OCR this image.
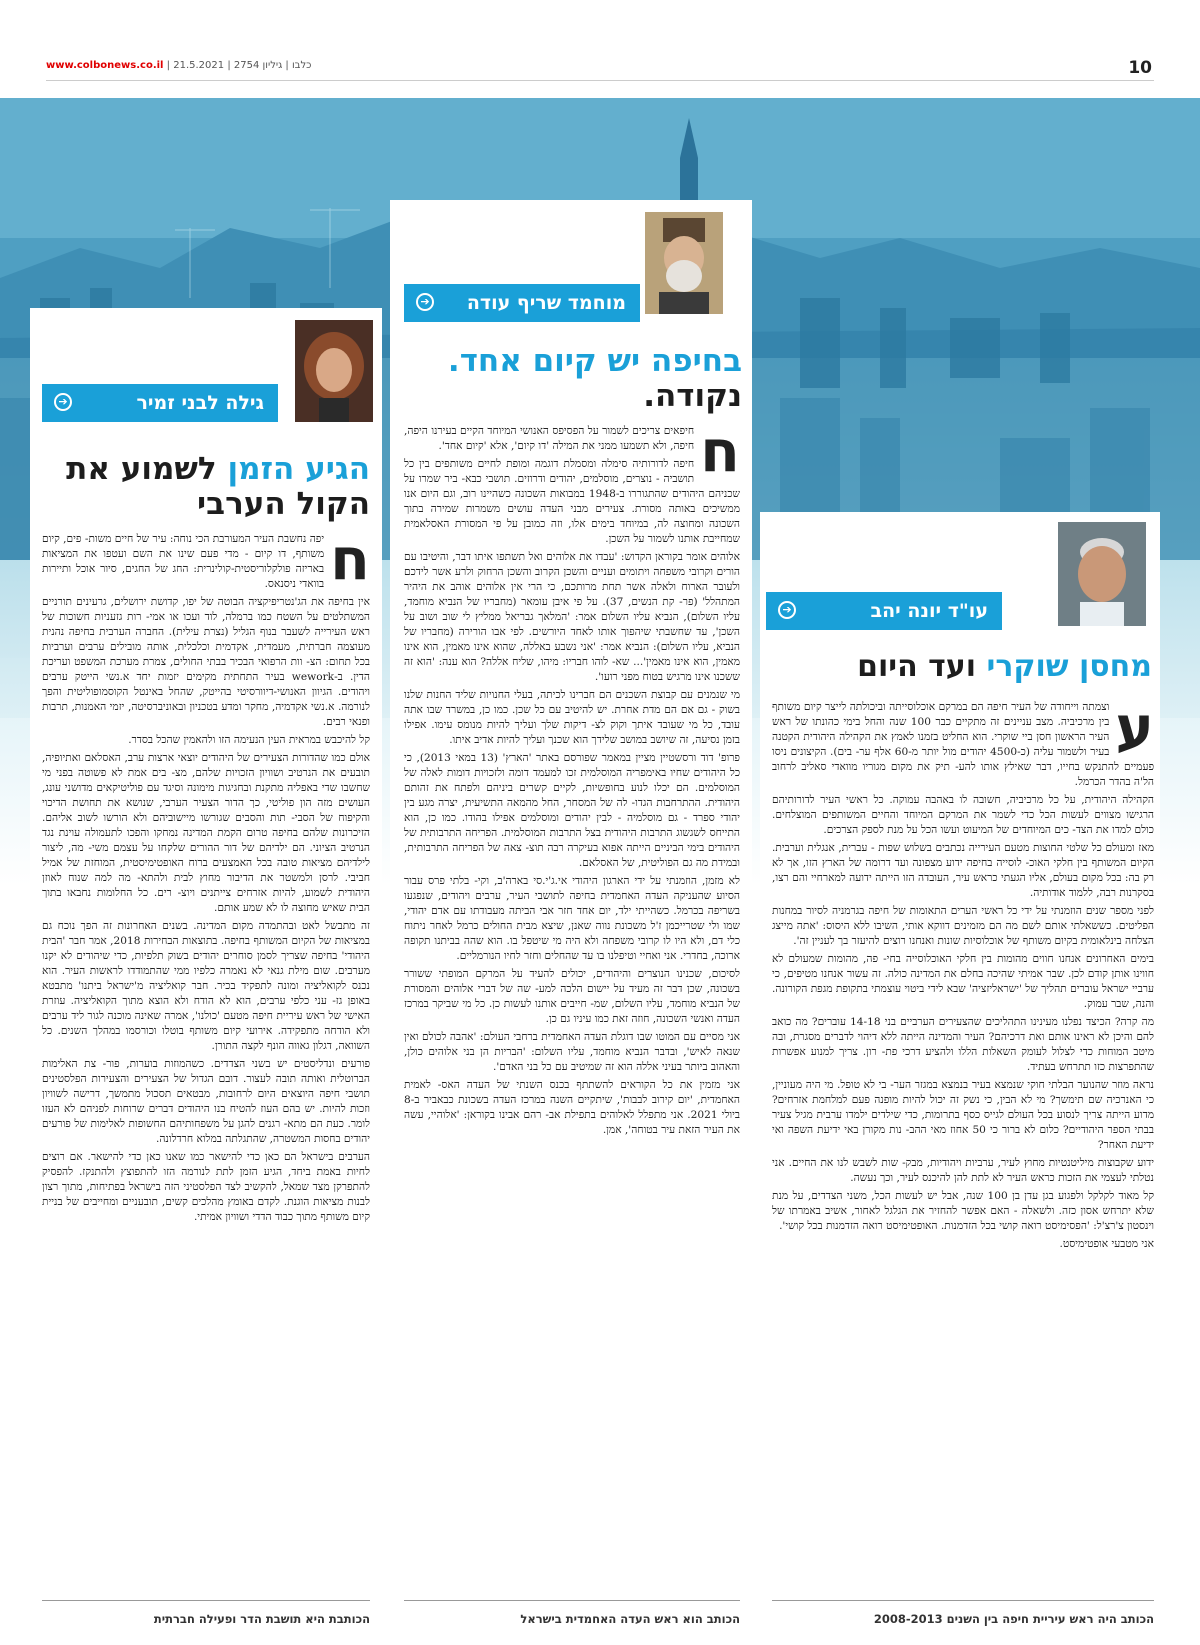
www.colbonews.co.il | כלבו | גיליון 2754 | 21.5.2021	10
➔	גילה לבני זמיר
הגיע הזמן לשמוע את הקול הערבי
ח

יפה נחשבת העיר המעורבת הכי נוחה: עיר של חיים משות- פים, קיום משותף, דו קיום - מדי פעם שינו את השם ועטפו את המציאות באריזה פולקלוריסטית-קולינרית: החג של החגים, סיור אוכל ותיירות בוואדי ניסנאס.

אין בחיפה את הג'נטריפיקציה הבוטה של יפו, קדושת ירושלים, גרעינים תורניים המשתלטים על השטח כמו ברמלה, לוד ועכו או אמי- רות גזעניות חשוכות של ראש העירייה לשעבר בנוף הגליל (נצרת עילית). החברה הערבית בחיפה נהנית מעוצמה חברתית, מעמדית, אקדמית וכלכלית, אותה מובילים ערבים וערביות בכל תחום: הצ- וות הרפואי הבכיר בבתי החולים, צמרת מערכת המשפט ועריכת הדין. ב-wework בעיר התחתית מקימים יזמות יחד א.נשי הייטק ערבים ויהודים. הגיוון האנושי-דיוורסיטי בהייטק, שהחל באינטל הקוסמופוליטית והפך לנורמה. א.נשי אקדמיה, מחקר ומדע בטכניון ובאוניברסיטה, יזמי האמנות, תרבות ופנאי רבים.

קל להיכבש במראית העין הנעימה הזו ולהאמין שהכל בסדר.

אולם כמו שהדורות הצעירים של היהודים יוצאי ארצות ערב, האסלאם ואתיופיה, תובעים את הנרטיב ושוויון הזכויות שלהם, מצ- בים אמת לא פשוטה בפני מי שחשבו שדי באפליה מתקנת ובחגיגות מימונה וסיגד עם פוליטיקאים מדושני עונג, העושים מזה הון פוליטי, כך הדור הצעיר הערבי, שנושא את תחושת הדיכוי והקיפוח של הסבי- תות והסבים שגורשו מיישוביהם ולא הורשו לשוב אליהם. הזיכרונות שלהם בחיפה טרום הקמת המדינה נמחקו והפכו לתעמולה עוינת נגד הנרטיב הציוני. הם ילדיהם של דור ההורים שלקחו על עצמם משי- מה, ליצור לילדיהם מציאות טובה בכל האמצעים ברוח האופטימיסטית, המוחזת של אמיל חביבי. לרסן ולמשטר את הדיבור מחוץ לבית ולהתא- מה למה שנוח לאוזן היהודית לשמוע, להיות אזרחים צייתנים ויוצ- רים. כל החלומות נחבאו בתוך הבית שאיש מחוצה לו לא שמע אותם.

זה מתבשל לאט ובהתמדה מקום המדינה. בשנים האחרונות זה הפך נוכח גם במציאות של הקיום המשותף בחיפה. בתוצאות הבחירות 2018, אמר חבר 'הבית היהודי' בחיפה שצריך לסמן סוחרים יהודים בשוק תלפיות, כדי שיהודים לא יקנו מערבים. שום מילת גנאי לא נאמרה כלפיו ממי שהתמודדו לראשות העיר. הוא נכנס לקואליציה ומונה לתפקיד בכיר. חבר קואליציה מ'ישראל ביתנו' מתבטא באופן גז- עני כלפי ערבים, הוא לא הודח ולא הוצא מתוך הקואליציה. עוזרת האישי של ראש עיריית חיפה מטעם 'כולנו', אמרה שאינה מוכנה לגור ליד ערבים ולא הודחה מתפקידה. אירועי קיום משותף בוטלו וכורסמו במהלך השנים. כל השוואה, דגלון גאווה הונף לקצה התורן.

פורעים ונדליסטים יש בשני הצדדים. כשהמוזות בוערות, פור- צת האלימות הברוטלית ואותה תובה לעצור. דובם הגדול של הצעירים והצעירות הפלסטינים תושבי חיפה היוצאים היום לרחובות, מבטאים תסכול מתמשך, דרישה לשוויון וזכות להיות. יש בהם העוז להטיח בנו היהודים דברים שרוחות לפניהם לא העזו לומר. כעת הם מתא- רגנים להגן על משפחותיהם החשופות לאלימות של פורעים יהודים בחסות המשטרה, שהתגלתה במלוא חרדלונה.

הערבים בישראל הם כאן כדי להישאר כמו שאנו כאן כדי להישאר. אם רוצים לחיות באמת ביחד, הגיע הזמן לתת לנורמה הזו להתפוצץ ולהתנקז. להפסיק להתפרקן מצד שמאל, להקשיב לצד הפלסטיני הזה בישראל בפתיחות, מתוך רצון לבנות מציאות הוגנת. לקדם באומץ מהלכים קשים, תובעניים ומחייבים של בניית קיום משותף מתוך כבוד הדדי ושוויון אמיתי.

➔ מוחמד שריף עודה
בחיפה יש קיום אחד.
נקודה.
ח

חיפאים צריכים לשמור על הפסיפס האנושי המיוחד הקיים בעירנו היפה, חיפה, ולא תשמעו ממני את המילה 'דו קיום', אלא 'קיום אחד'.

חיפה לדורותיה סימלה ומסמלת דוגמה ומופת לחיים משותפים בין כל תושביה - נוצרים, מוסלמים, יהודים ודרוזים. תושבי כבא- ביר שמרו על שכניהם היהודים שהתגוררו ב-1948 במבואות השכונה כשהיינו רוב, וגם היום אנו ממשיכים באותה מסורת. צעירים מבני העדה עושים משמרות שמירה בתוך השכונה ומחוצה לה, במיוחד בימים אלו, וזה כמובן על פי המסורת האסלאמית שמחייבת אותנו לשמור על השכן.

אלוהים אומר בקוראן הקדוש: 'עבדו את אלוהים ואל תשתפו איתו דבר, והיטיבו עם הורים וקרובי משפחה ויתומים ועניים והשכן הקרוב והשכן הרחוק ולרע אשר לידכם ולעובר הארוח ולאלה אשר תחת מרותכם, כי הרי אין אלוהים אוהב את היהיר המתהלל' (פר- קת הנשים, 37). על פי איבן עומאר (מחבריו של הנביא מוחמד, עליו השלום), הנביא עליו השלום אמר: 'המלאך גבריאל ממליץ לי שוב ושוב על השכן', עד שחשבתי שיהפוך אותו לאחד היורשים. לפי אבו הורירה (מחבריו של הנביא, עליו השלום): הנביא אמר: 'אני נשבע באללה, שהוא אינו מאמין, הוא אינו מאמין, הוא אינו מאמין'... שא- לוהו חבריו: מיהו, שליח אללה? הוא ענה: 'הוא זה ששכנו אינו מרגיש בטוח מפני רועו'.

מי שנמנים עם קבוצת השכנים הם חברינו לכיתה, בעלי החנויות שליד החנות שלנו בשוק - גם אם הם מדת אחרת. יש להיטיב עם כל שכן. כמו כן, במשרד שבו אתה עובד, כל מי שעובד איתך וקוק לצ- דיקות שלך ועליך להיות מנומס עימו. אפילו בזמן נסיעה, זה שיושב במושב שלידך הוא שכנך ועליך להיות אדיב איתו.

פרופ' דוד ורסשטיין מציין במאמר שפורסם באתר 'הארץ' (13 במאי 2013), כי כל היהודים שחיו באימפריה המוסלמית זכו למעמד דומה ולזכויות דומות לאלה של המוסלמים. הם יכלו לנוע בחופשיות, לקיים קשרים ביניהם ולפתח את זהותם היהודית. ההתרחבות הגדו- לה של המסחר, החל מהמאה התשיעית, יצרה מגע בין יהודי ספרד - גם מוסלמיה - לבין יהודים ומוסלמים אפילו בהודו. כמו כן, הוא התייחס לשגשוג התרבות היהודית בצל התרבות המוסלמית. הפריחה התרבותית של היהודים בימי הביניים הייתה אפוא בעיקרה רבה תוצ- צאה של הפריחה התרבותית, ובמידת מה גם הפוליטית, של האסלאם.

לא מזמן, הוזמנתי על ידי הארגון היהודי אי.ג'י.סי בארה'ב, וקי- בלתי פרס עבור הסיוע שהעניקה העדה האחמדית בחיפה לתושבי העיר, ערבים ויהודים, שנפגעו בשריפה בכרמל. כשהייתי ילד, יום אחד חזר אבי הביתה מעבודתו עם אדם יהודי, שמו ולי שטרייכמן ז'ל משכונת נווה שאנן, שיצא מבית החולים כרמל לאחר ניתוח כלי דם, ולא היו לו קרובי משפחה ולא היה מי שיטפל בו. הוא שהה בביתנו תקופה ארוכה, בחדרי. אני ואחיי וטיפלנו בו עד שהחלים וחזר לחיו הנורמליים.

לסיכום, שכנינו הנוצרים והיהודים, יכולים להעיד על המרקם המופתי ששורר בשכונה, שכן דבר זה מעיד על יישום הלכה למע- שה של דברי אלוהים והמסורת של הנביא מוחמד, עליו השלום, שמ- חייבים אותנו לעשות כן. כל מי שביקר במרכז העדה ואנשי השכונה, חוזה זאת כמו עיניו גם כן.

אני מסיים עם המוטו שבו דוגלת העדה האחמדית ברחבי העולם: 'אהבה לכולם ואין שנאה לאיש', ובדבר הנביא מוחמד, עליו השלום: 'הבריות הן בני אלוהים כולן, והאהוב ביותר בעיני אללה הוא זה שמיטיב עם כל בני האדם'.

אני מזמין את כל הקוראים להשתתף בכנס השנתי של העדה האס- לאמית האחמדית, 'יום קירוב לבבות', שיתקיים השנה במרכז העדה בשכונת כבאביר ב-8 ביולי 2021. אני מתפלל לאלוהים בתפילת אב- רהם אבינו בקוראן: 'אלוהיי, עשה את העיר הזאת עיר בטוחה', אמן.

➔	עו"ד יונה יהב
מחסן שוקרי ועד היום
ע

וצמתה וייחודה של העיר חיפה הם במרקם אוכלוסייתה וביכולתה לייצר קיום משותף בין מרכיביה. מצב עניינים זה מתקיים כבר 100 שנה והחל בימי כהונתו של ראש העיר הראשון חסן ביי שוקרי. הוא החליט בזמנו לאמץ את הקהילה היהודית הקטנה בעיר ולשמור עליה (כ-4500 יהודים מול יותר מ-60 אלף ער- בים). הקיצונים ניסו פעמיים להתנקש בחייו, דבר שאילץ אותו להע- תיק את מקום מגוריו מוואדי סאליב לרחוב הל'ה בהדר הכרמל.

הקהילה היהודית, על כל מרכיביה, חשובה לו באהבה עמוקה. כל ראשי העיר לדורותיהם הרגישו מצווים לעשות הכל כדי לשמר את המרקם המיוחד והחיים המשותפים המוצלחים. כולם למדו את הצד- כים המיוחדים של המיעוט ועשו הכל על מנת לספק הצרכים.

מאז ומעולם כל שלטי החוצות מטעם העירייה נכתבים בשלוש שפות - עברית, אנגלית וערבית. הקיום המשותף בין חלקי האוכ- לוסייה בחיפה ידוע מצפונה ועד דרומה של הארץ הזו, אך לא רק בה: בכל מקום בעולם, אליו הגעתי כראש עיר, העובדה הזו הייתה ידועה למארחיי והם רצו, בסקרנות רבה, ללמוד אודותיה.

לפני מספר שנים הוזמנתי על ידי כל ראשי הערים התאומות של חיפה בגרמניה לסיור במחנות הפליטים. כששאלתי אותם לשם מה הם מזמינים דווקא אותי, השיבו ללא היסוס: 'אתה מייצג הצלחה בינלאומית בקיום משותף של אוכלוסיות שונות ואנחנו רוצים להיעזר בך לעניין זה'.

בימים האחרונים אנחנו חווים מהומות בין חלקי האוכלוסייה בחי- פה, מהומות שמעולם לא חווינו אותן קודם לכן. שבר אמיתי שהיכה בחלם את המדינה כולה. זה עשור אנחנו מטיפים, כי ערביי ישראל עוברים תהליך של 'ישראליזציה' שבא לידי ביטוי עוצמתי בתקופת מגפת הקורונה. והנה, שבר עמוק.

מה קרה? הכיצד נפלנו מעינינו התהליכים שהצעירים הערביים בני 14-18 עוברים? מה כואב להם והיכן לא ראינו אותם ואת דרכיהם? העיר והמדינה הייתה ללא דיהוי לדברים מסגרת, ובה מיטב המוחות כדי לצלול לעומק השאלות הללו ולהציע דרכי פת- רון. צריך למנוע אפשרות שהתפרצות כזו תתרחש בעתיד.

נראה מוזר שהנוער הבלתי חוקי שנמצא בעיר בנמצא במגזר הער- בי לא טופל. מי היה מעוניין, כי האנרכיה שם תימשך? מי לא הבין, כי נשק זה יכול להיות מופנה פעם למלחמת אזרחים? מדוע הייתה צריך לנסוע בכל העולם לגייס כסף בתרומות, כדי שילדים ילמדו ערבית מגיל צעיר בבתי הספר היהודיים? כלום לא ברור כי 50 אחוז מאי ההב- נות מקורן באי ידיעת השפה ואי ידיעת האחר?

ידוע שקבוצות מיליטנטיות מחוץ לעיר, ערביות ויהודיות, מבק- שות לשבש לנו את החיים. אני נטלתי לעצמי את הזכות כראש העיר לא לתת להן להיכנס לעיר, וכך נעשה.

קל מאוד לקלקל ולפגוע בגן עדן בן 100 שנה, אבל יש לעשות הכל, משני הצדדים, על מנת שלא יתרחש אסון כזה. ולשאלה - האם אפשר להחזיר את הגלגל לאחור, אשיב באמרתו של וינסטון צ'רצ'ל: 'הפסימיסט רואה קושי בכל הזדמנות. האופטימיסט רואה הזדמנות בכל קושי'.

אני מטבעי אופטימיסט.

הכותבת היא תושבת הדר ופעילה חברתית	הכותב הוא ראש העדה האחמדית בישראל	הכותב היה ראש עיריית חיפה בין השנים 2008-2013
